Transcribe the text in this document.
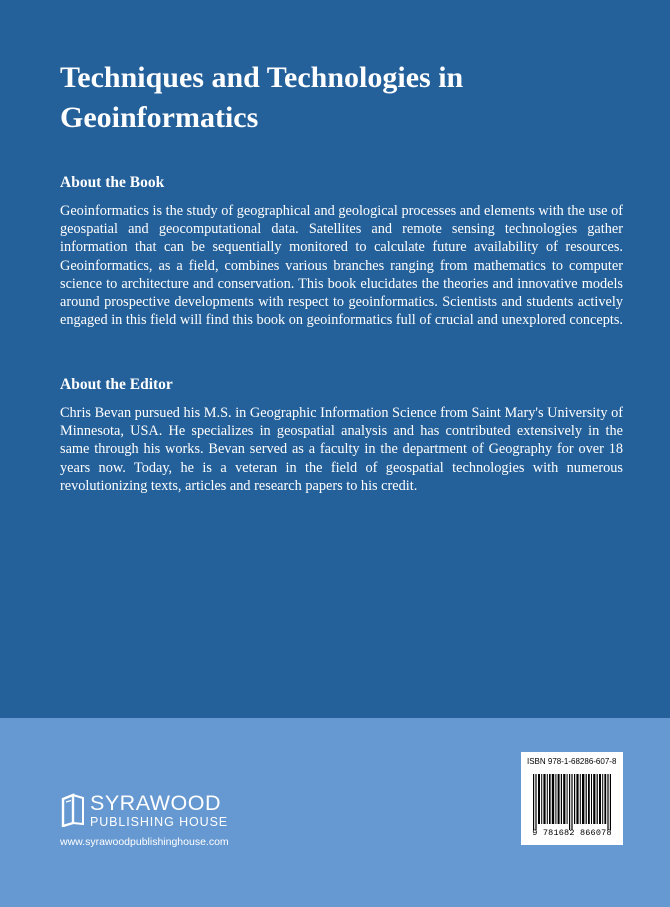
Techniques and Technologies in Geoinformatics
About the Book

Geoinformatics is the study of geographical and geological processes and elements with the use of geospatial and geocomputational data. Satellites and remote sensing technologies gather information that can be sequentially monitored to calculate future availability of resources. Geoinformatics, as a field, combines various branches ranging from mathematics to computer science to architecture and conservation. This book elucidates the theories and innovative models around prospective developments with respect to geoinformatics. Scientists and students actively engaged in this field will find this book on geoinformatics full of crucial and unexplored concepts.

About the Editor

Chris Bevan pursued his M.S. in Geographic Information Science from Saint Mary's University of Minnesota, USA. He specializes in geospatial analysis and has contributed extensively in the same through his works. Bevan served as a faculty in the department of Geography for over 18 years now. Today, he is a veteran in the field of geospatial technologies with numerous revolutionizing texts, articles and research papers to his credit.

SYRAWOOD
PUBLISHING HOUSE
www.syrawoodpublishinghouse.com
ISBN 978-1-68286-607-8
9 781682 866078
